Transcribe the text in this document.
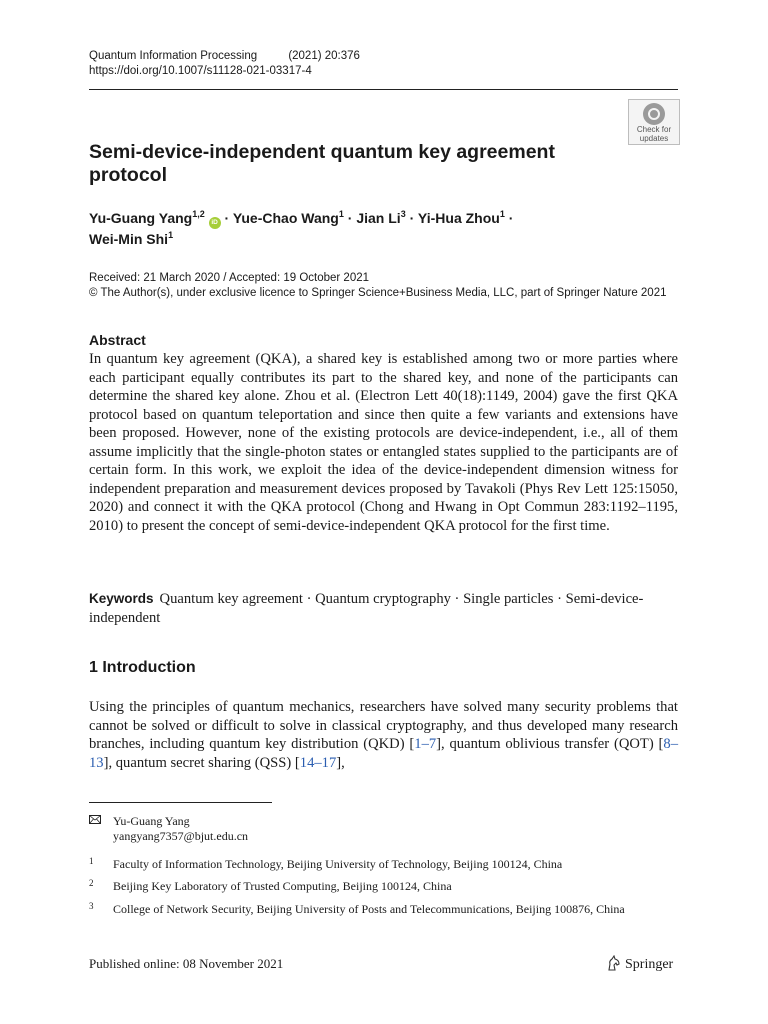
Quantum Information Processing	(2021) 20:376
https://doi.org/10.1007/s11128-021-03317-4
Check for
updates
Semi-device-independent quantum key agreement protocol
Yu-Guang Yang$^{1,2}$ iD · Yue-Chao Wang$^1$ · Jian $Li^3 \cdot Yi-Hua$ Zhou$^1$ ·
Wei-Min Shi$^1$
Received: 21 March 2020 / Accepted: 19 October 2021
© The Author(s), under exclusive licence to Springer Science+Business Media, LLC, part of Springer Nature 2021
Abstract

In quantum key agreement (QKA), a shared key is established among two or more parties where each participant equally contributes its part to the shared key, and none of the participants can determine the shared key alone. Zhou et al. (Electron Lett 40(18):1149, 2004) gave the first QKA protocol based on quantum teleportation and since then quite a few variants and extensions have been proposed. However, none of the existing protocols are device-independent, i.e., all of them assume implicitly that the single-photon states or entangled states supplied to the participants are of certain form. In this work, we exploit the idea of the device-independent dimension witness for independent preparation and measurement devices proposed by Tavakoli (Phys Rev Lett 125:15050, 2020) and connect it with the QKA protocol (Chong and Hwang in Opt Commun 283:1192–1195, 2010) to present the concept of semi-device-independent QKA protocol for the first time.

Keywords Quantum key agreement · Quantum cryptography · Single particles · Semi-device-independent
1 Introduction

Using the principles of quantum mechanics, researchers have solved many security problems that cannot be solved or difficult to solve in classical cryptography, and thus developed many research branches, including quantum key distribution (QKD) [1–7], quantum oblivious transfer (QOT) [8–13], quantum secret sharing (QSS) [14–17],

Yu-Guang Yang
yangyang7357@bjut.edu.cn
1 Faculty of Information Technology, Beijing University of Technology, Beijing 100124, China
2 Beijing Key Laboratory of Trusted Computing, Beijing 100124, China
3 College of Network Security, Beijing University of Posts and Telecommunications, Beijing 100876, China
Published online: 08 November 2021	Springer
